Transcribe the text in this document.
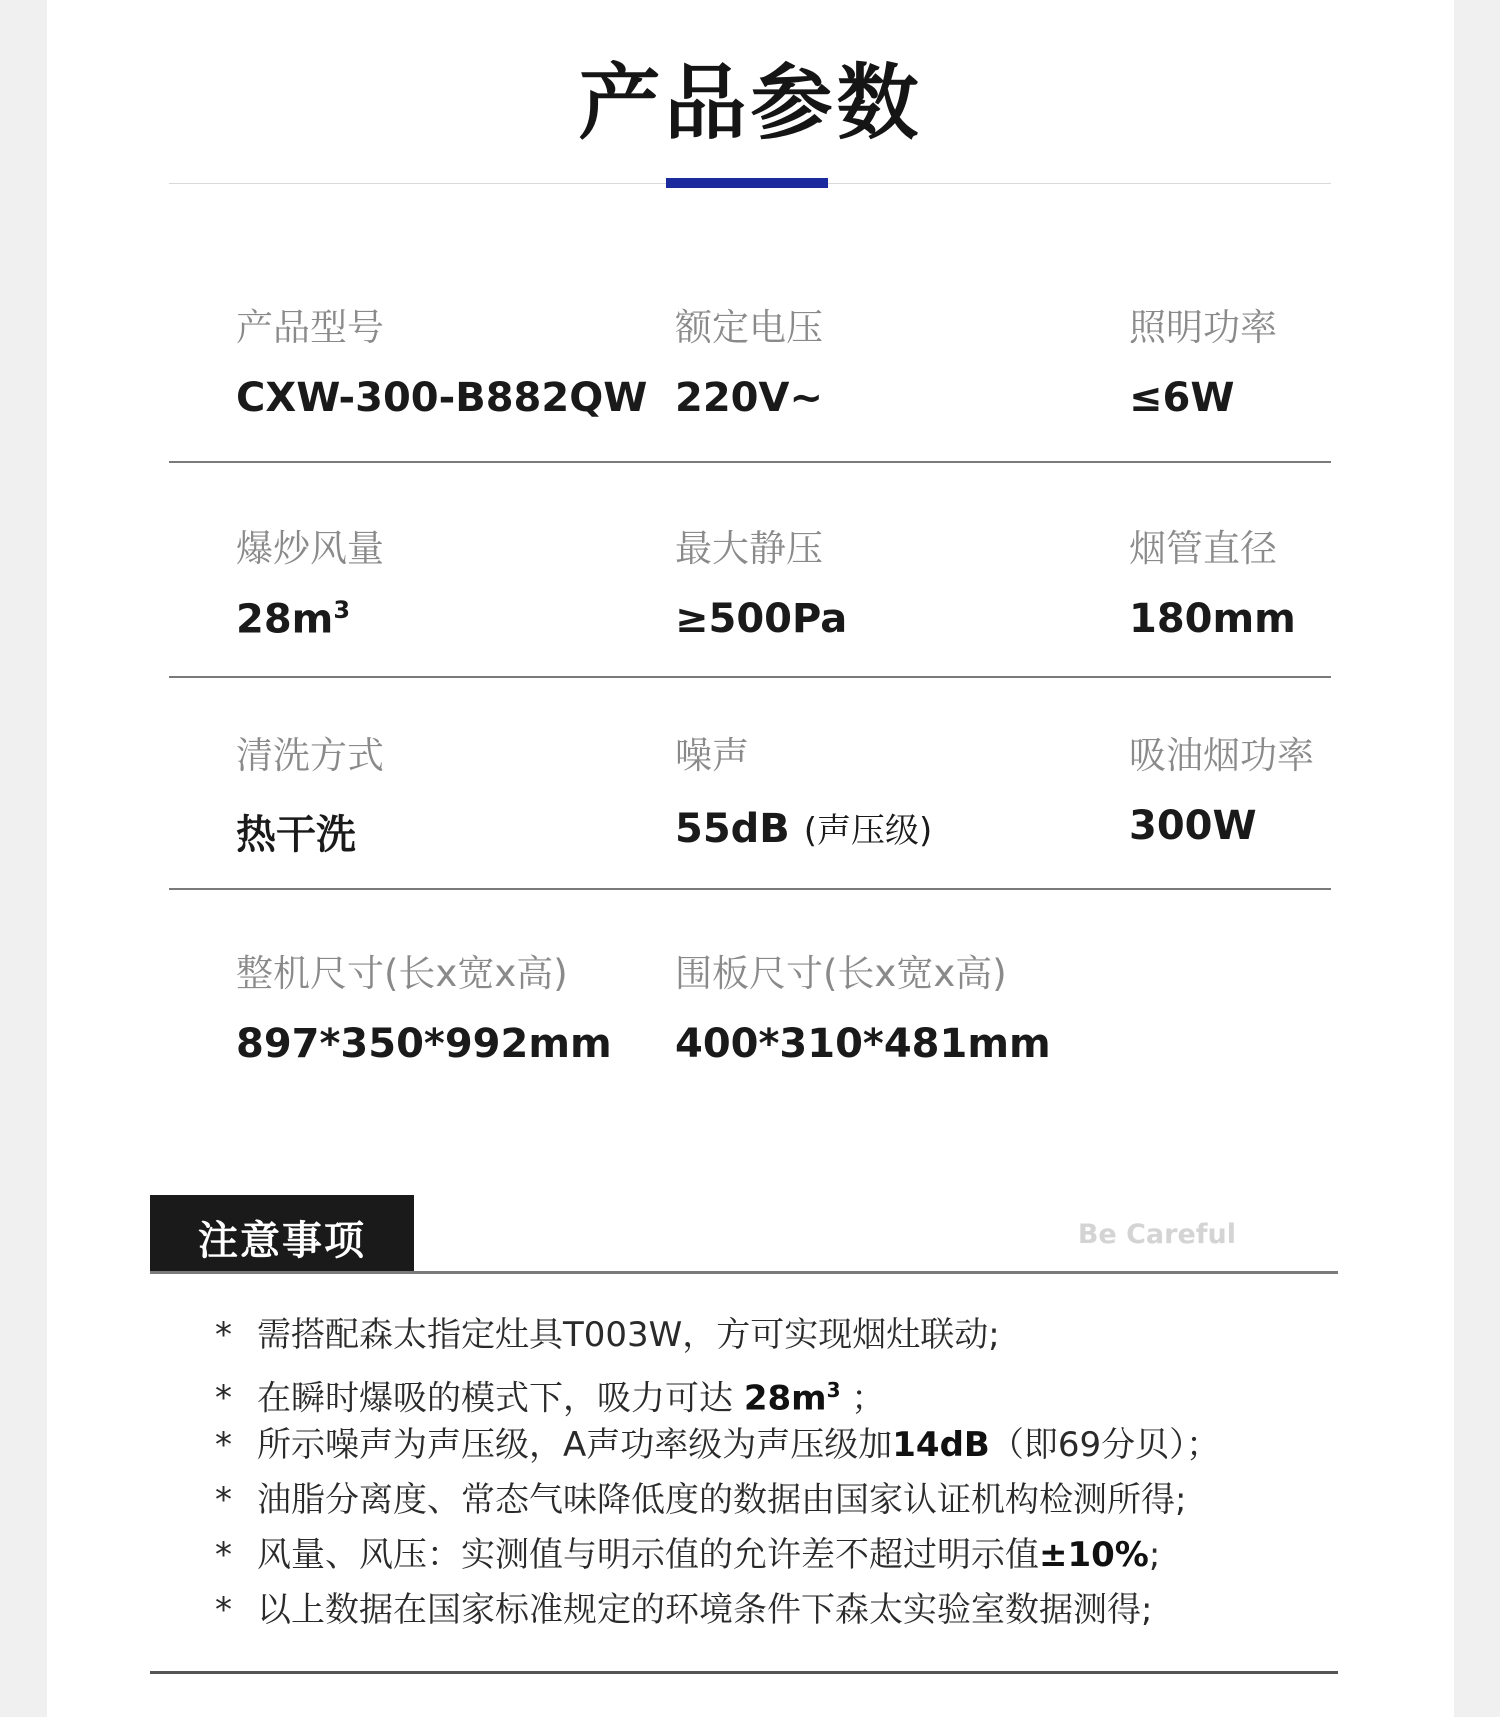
产品参数
产品型号
CXW-300-B882QW
额定电压
220V~
照明功率
≤6W
爆炒风量
$28m^3$
最大静压
≥500Pa
烟管直径
180mm
清洗方式
热干洗
噪声
55dB (声压级)
吸油烟功率
300W
整机尺寸(长x宽x高)
897*350*992mm
围板尺寸(长x宽x高)
400*310*481mm
注意事项	Be Careful
* 需搭配森太指定灶具T003W，方可实现烟灶联动;
* 在瞬时爆吸的模式下，吸力可达 $28m^3$ ；
* 所示噪声为声压级，A声功率级为声压级加14dB（即69分贝）；
* 油脂分离度、常态气味降低度的数据由国家认证机构检测所得;
* 风量、风压：实测值与明示值的允许差不超过明示值±10%;
* 以上数据在国家标准规定的环境条件下森太实验室数据测得;
